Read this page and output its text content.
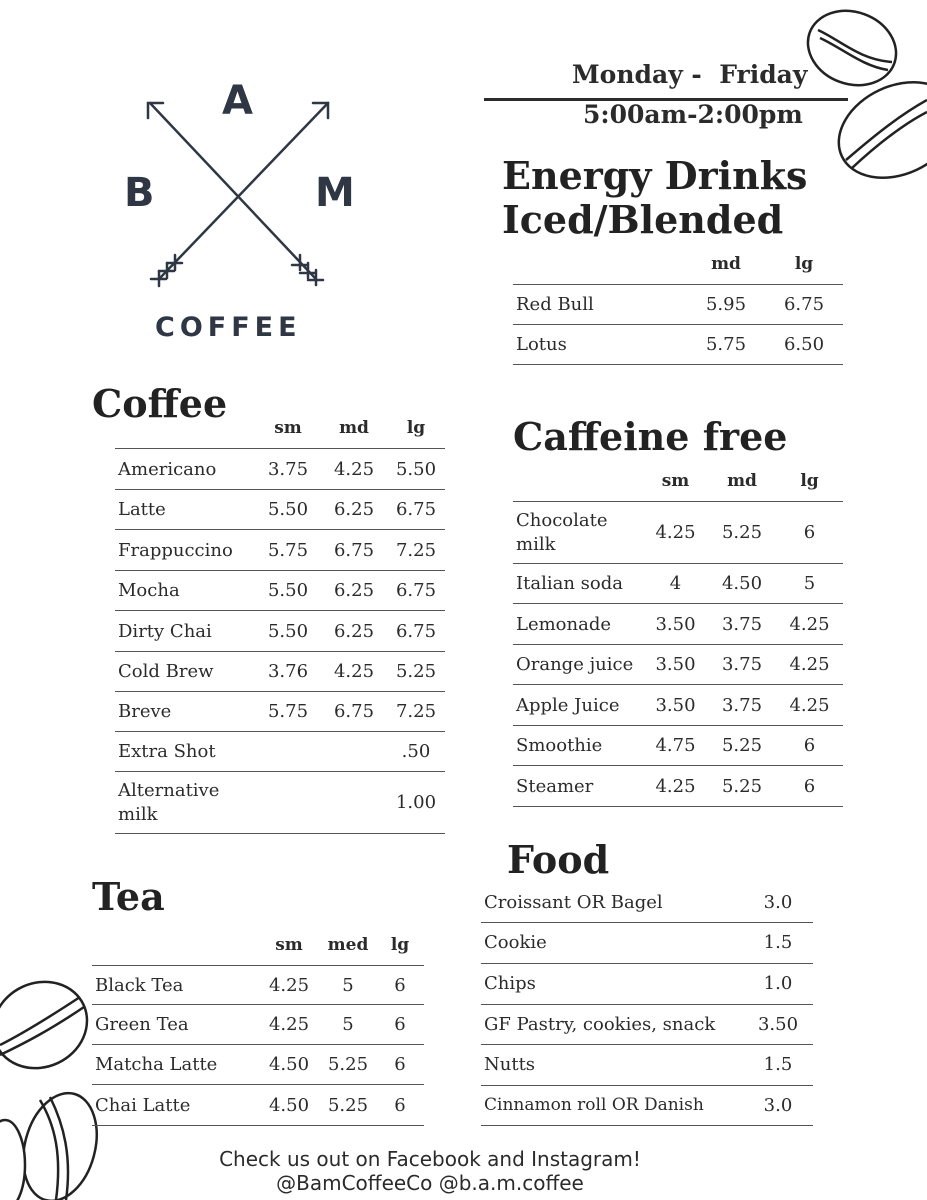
A
B	M
COFFEE
Monday -  Friday
5:00am-2:00pm
Energy Drinks
Iced/Blended
	md	lg
Red Bull	5.95	6.75
Lotus	5.75	6.50
Coffee
	sm	md	lg
Americano	3.75	4.25	5.50
Latte	5.50	6.25	6.75
Frappuccino	5.75	6.75	7.25
Mocha	5.50	6.25	6.75
Dirty Chai	5.50	6.25	6.75
Cold Brew	3.76	4.25	5.25
Breve	5.75	6.75	7.25
Extra Shot			.50
Alternative milk			1.00
Caffeine free
	sm	md	lg
Chocolate milk	4.25	5.25	6
Italian soda	4	4.50	5
Lemonade	3.50	3.75	4.25
Orange juice	3.50	3.75	4.25
Apple Juice	3.50	3.75	4.25
Smoothie	4.75	5.25	6
Steamer	4.25	5.25	6
Tea
	sm	med	lg
Black Tea	4.25	5	6
Green Tea	4.25	5	6
Matcha Latte	4.50	5.25	6
Chai Latte	4.50	5.25	6
Food
Croissant OR Bagel	3.0
Cookie	1.5
Chips	1.0
GF Pastry, cookies, snack	3.50
Nutts	1.5
Cinnamon roll OR Danish	3.0
Check us out on Facebook and Instagram!
@BamCoffeeCo @b.a.m.coffee
